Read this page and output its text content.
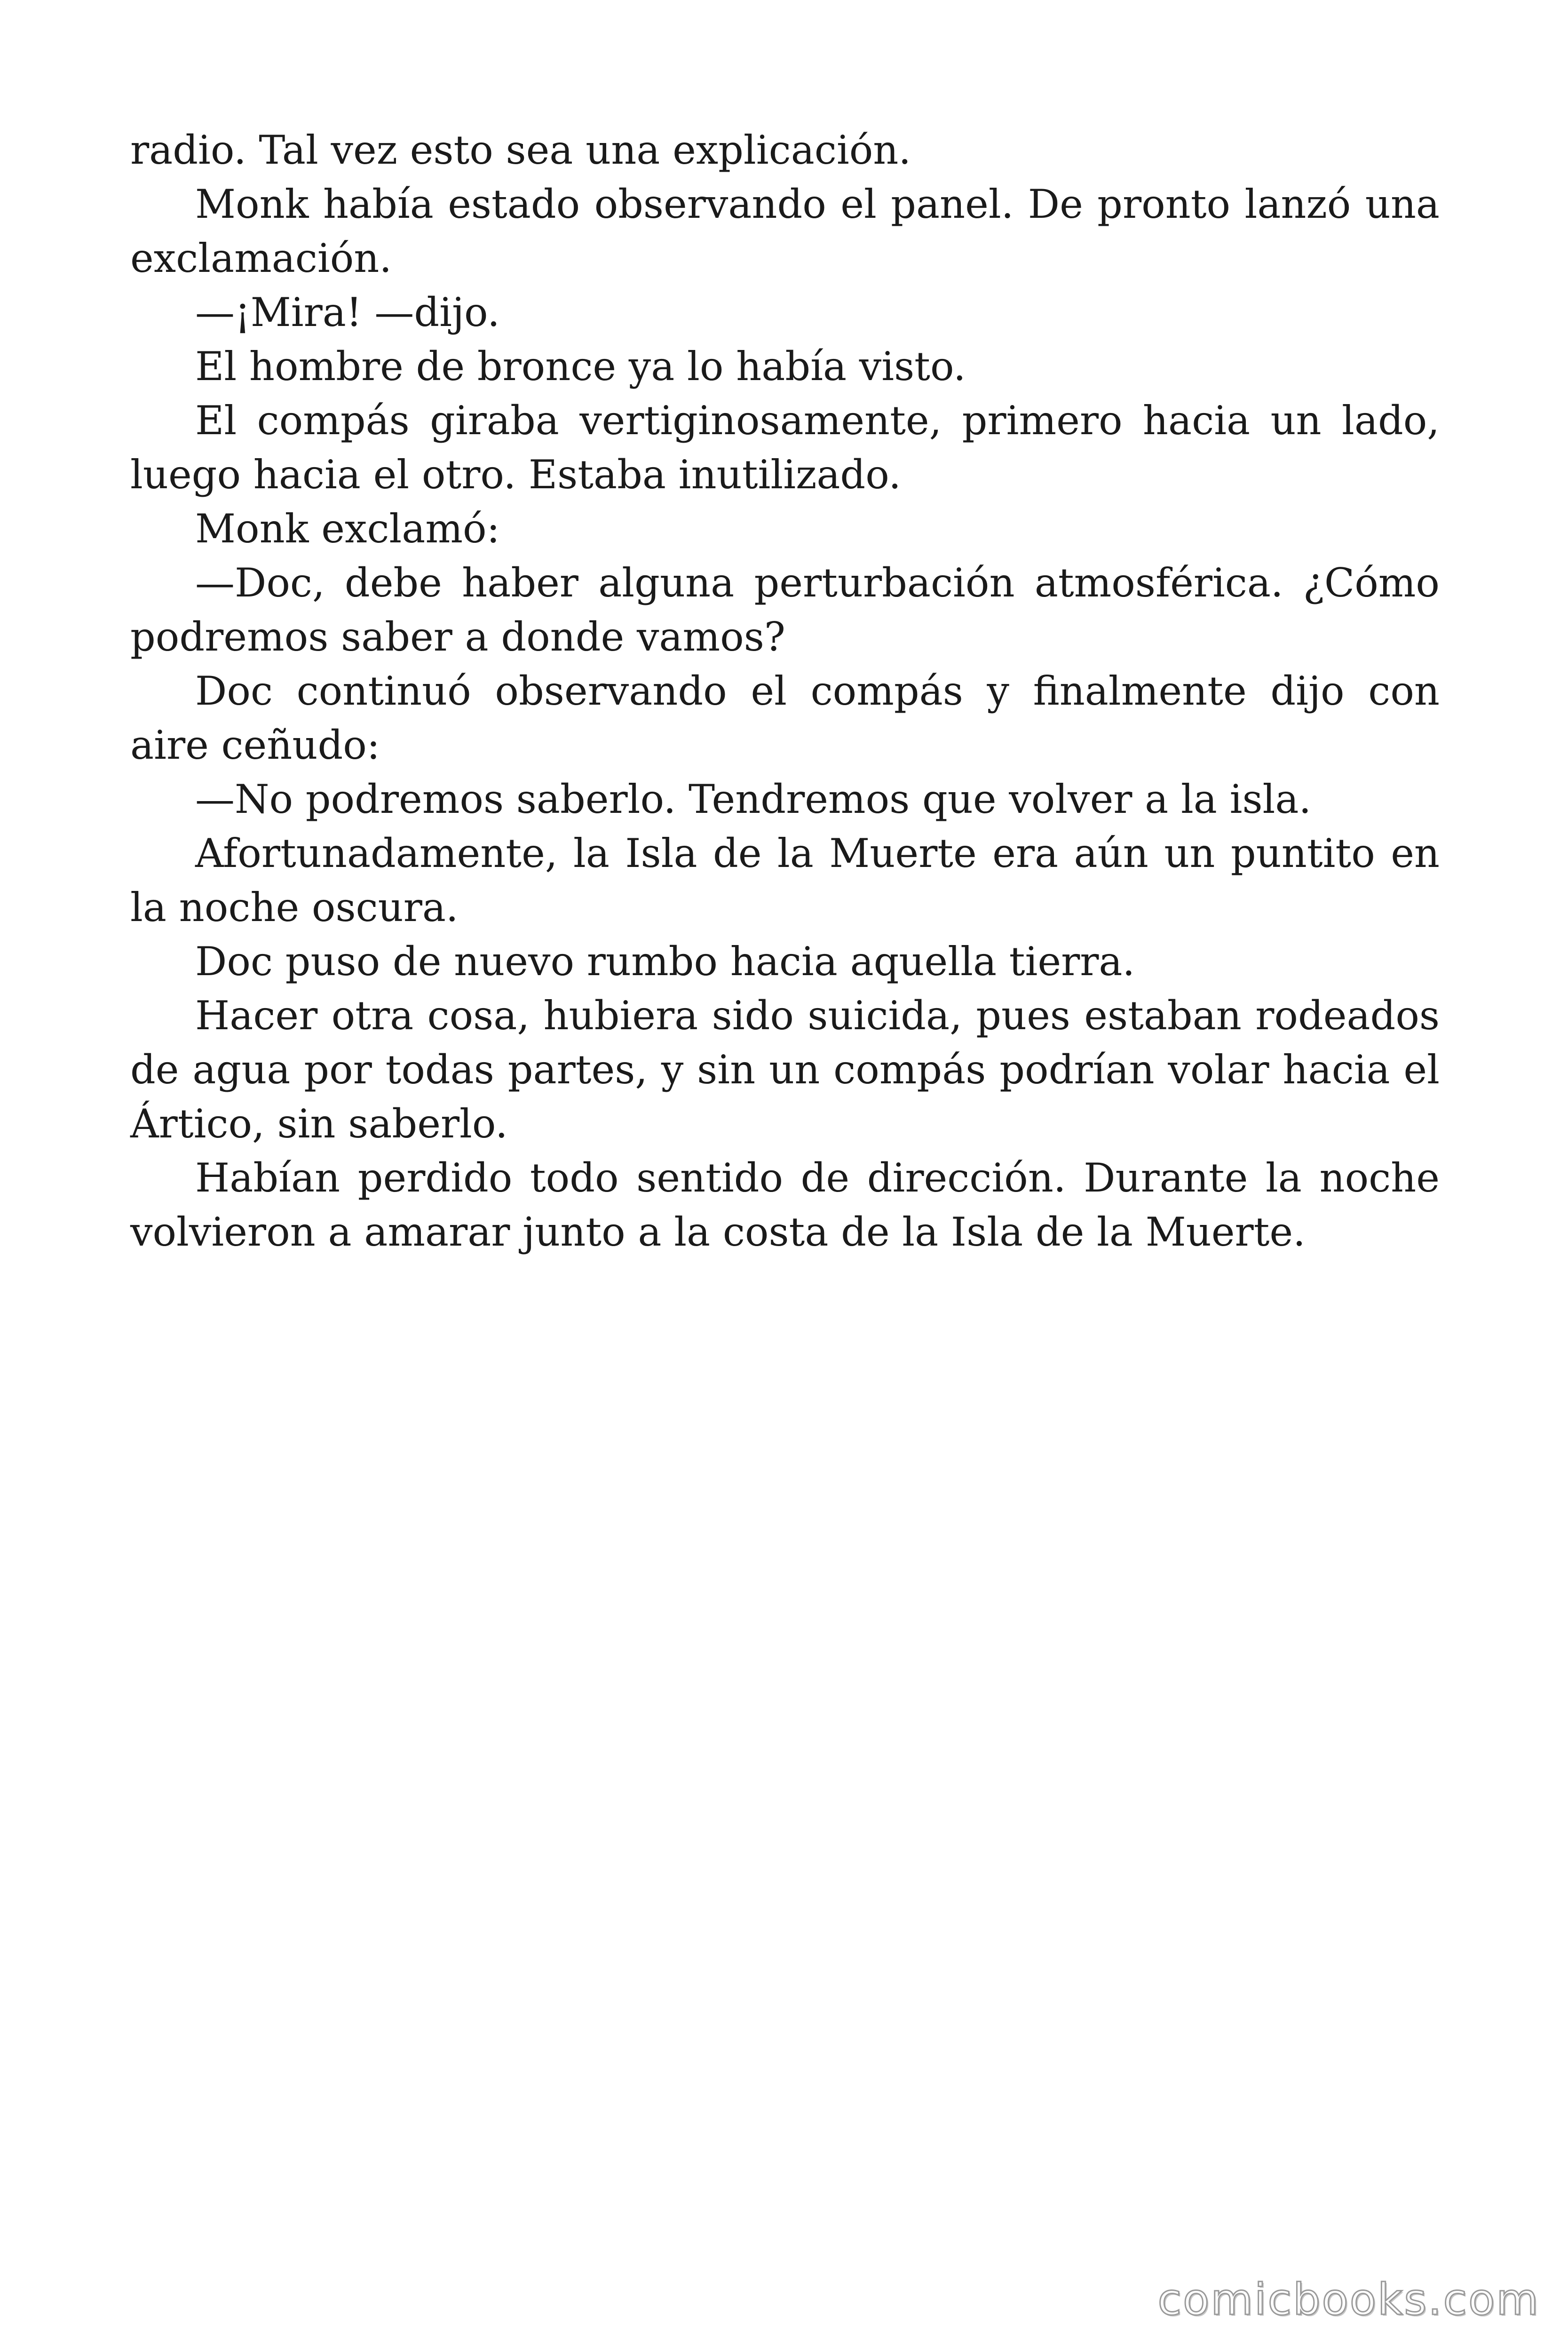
radio. Tal vez esto sea una explicación.

Monk había estado observando el panel. De pronto lanzó una exclamación.

—¡Mira! —dijo.

El hombre de bronce ya lo había visto.

El compás giraba vertiginosamente, primero hacia un lado, luego hacia el otro. Estaba inutilizado.

Monk exclamó:

—Doc, debe haber alguna perturbación atmosférica. ¿Cómo podremos saber a donde vamos?

Doc continuó observando el compás y finalmente dijo con aire ceñudo:

—No podremos saberlo. Tendremos que volver a la isla.

Afortunadamente, la Isla de la Muerte era aún un puntito en la noche oscura.

Doc puso de nuevo rumbo hacia aquella tierra.

Hacer otra cosa, hubiera sido suicida, pues estaban rodeados de agua por todas partes, y sin un compás podrían volar hacia el Ártico, sin saberlo.

Habían perdido todo sentido de dirección. Durante la noche volvieron a amarar junto a la costa de la Isla de la Muerte.

comicbooks.com
